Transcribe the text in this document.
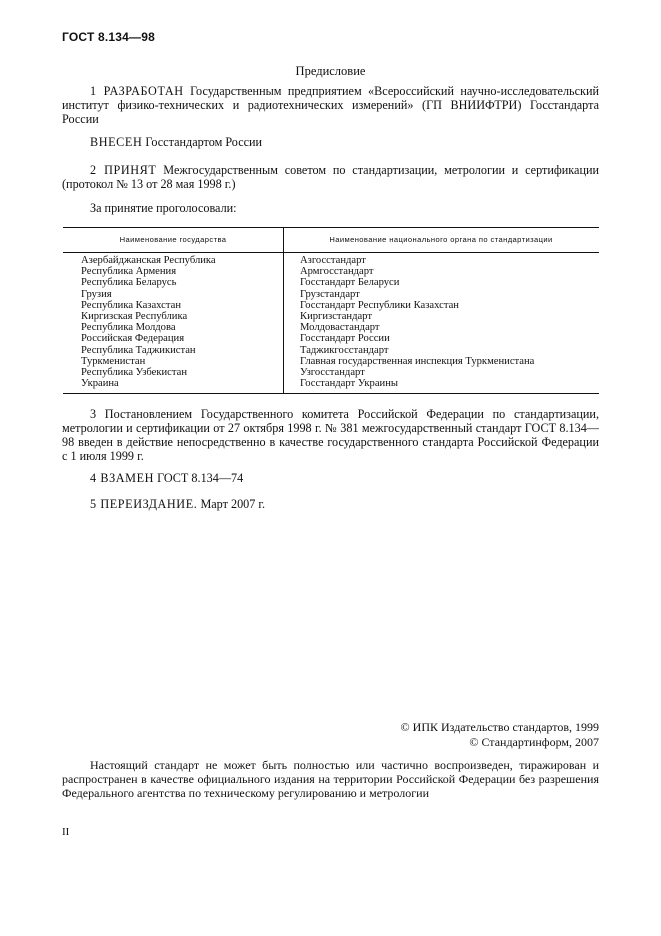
ГОСТ 8.134—98
Предисловие
1 РАЗРАБОТАН Государственным предприятием «Всероссийский научно-исследовательский институт физико-технических и радиотехнических измерений» (ГП ВНИИФТРИ) Госстандарта России
ВНЕСЕН Госстандартом России
2 ПРИНЯТ Межгосударственным советом по стандартизации, метрологии и сертификации (протокол № 13 от 28 мая 1998 г.)
За принятие проголосовали:
Наименование государства	Наименование национального органа по стандартизации
Азербайджанская Республика
Республика Армения
Республика Беларусь
Грузия
Республика Казахстан
Киргизская Республика
Республика Молдова
Российская Федерация
Республика Таджикистан
Туркменистан
Республика Узбекистан
Украина
Азгосстандарт
Армгосстандарт
Госстандарт Беларуси
Грузстандарт
Госстандарт Республики Казахстан
Киргизстандарт
Молдовастандарт
Госстандарт России
Таджикгосстандарт
Главная государственная инспекция Туркменистана
Узгосстандарт
Госстандарт Украины
3 Постановлением Государственного комитета Российской Федерации по стандартизации, метрологии и сертификации от 27 октября 1998 г. № 381 межгосударственный стандарт ГОСТ 8.134—98 введен в действие непосредственно в качестве государственного стандарта Российской Федерации с 1 июля 1999 г.
4 ВЗАМЕН ГОСТ 8.134—74
5 ПЕРЕИЗДАНИЕ. Март 2007 г.
© ИПК Издательство стандартов, 1999
© Стандартинформ, 2007
Настоящий стандарт не может быть полностью или частично воспроизведен, тиражирован и распространен в качестве официального издания на территории Российской Федерации без разрешения Федерального агентства по техническому регулированию и метрологии
II
